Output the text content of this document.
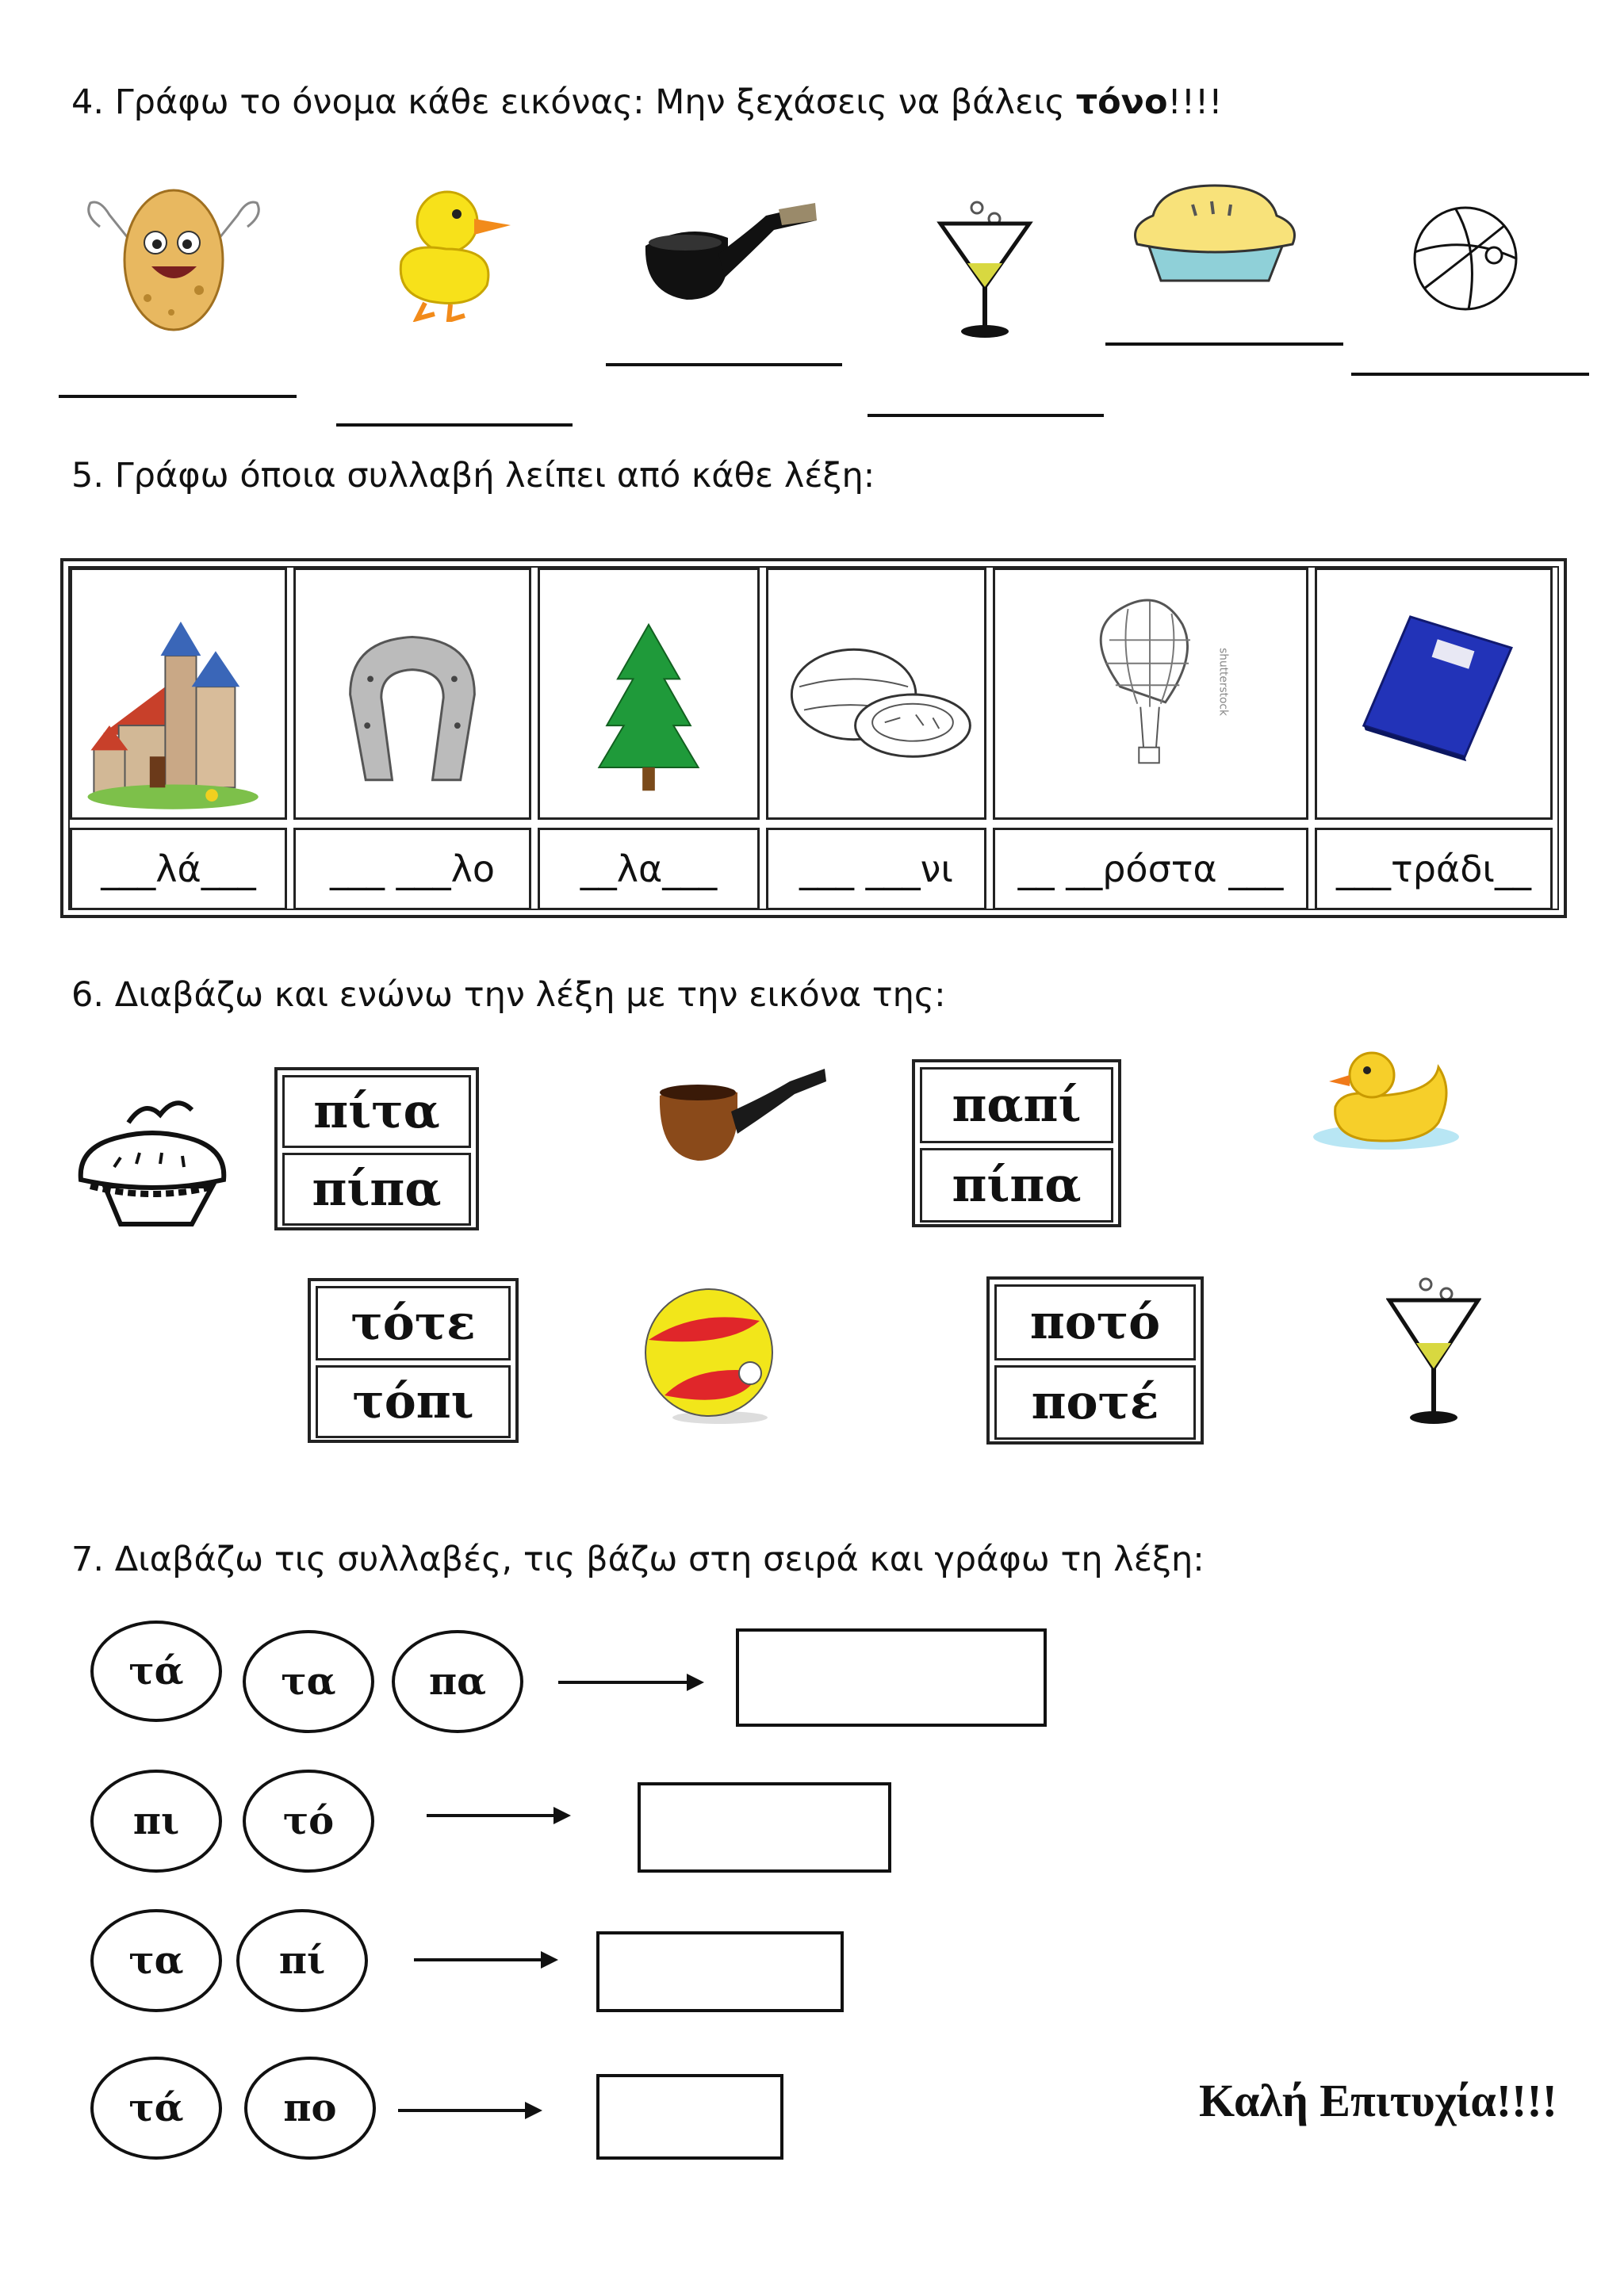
4. Γράφω το όνομα κάθε εικόνας: Μην ξεχάσεις να βάλεις τόνο!!!!
5. Γράφω όποια συλλαβή λείπει από κάθε λέξη:
shutterstock
___λά___	___ ___λο	__λα___	___ ___νι	__ __ρόστα ___	___τράδι__
6. Διαβάζω και ενώνω την λέξη με την εικόνα της:
πίτα
πίπα
παπί
πίπα
τότε
τόπι
ποτό
ποτέ
7. Διαβάζω τις συλλαβές, τις βάζω στη σειρά και γράφω τη λέξη:
τά	τα	πα
πι	τό
τα	πί
τά	πο	Καλή Επιτυχία!!!!
